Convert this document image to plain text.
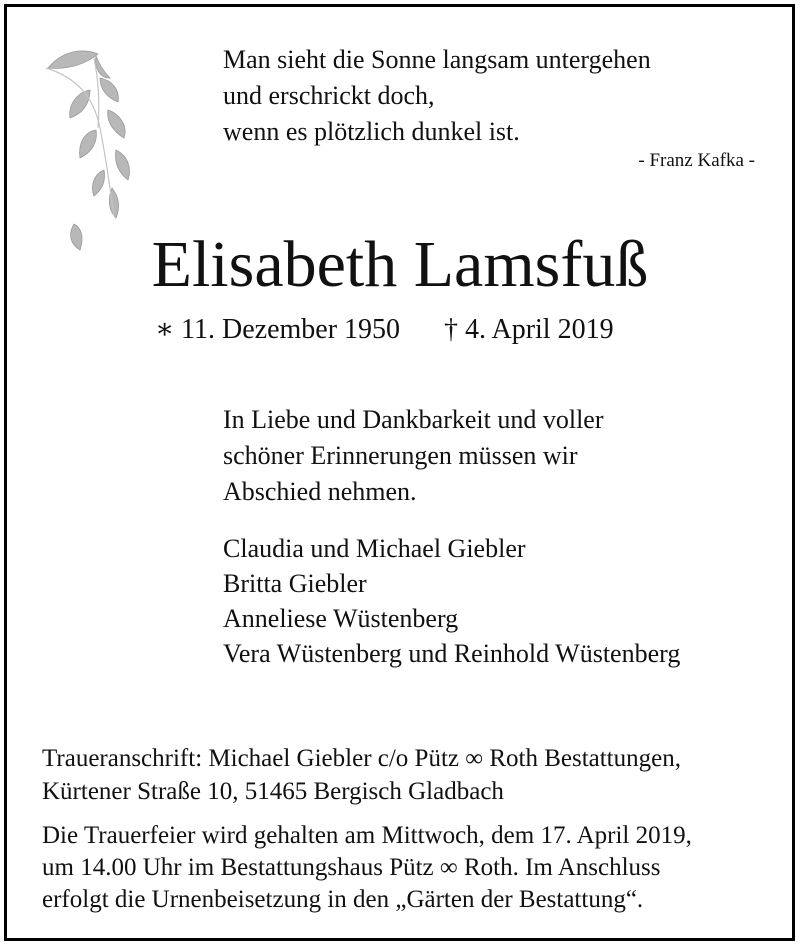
Man sieht die Sonne langsam untergehen
und erschrickt doch,
wenn es plötzlich dunkel ist.
- Franz Kafka -
Elisabeth Lamsfuß
∗ 11. Dezember 1950 † 4. April 2019
In Liebe und Dankbarkeit und voller
schöner Erinnerungen müssen wir
Abschied nehmen.
Claudia und Michael Giebler
Britta Giebler
Anneliese Wüstenberg
Vera Wüstenberg und Reinhold Wüstenberg
Traueranschrift: Michael Giebler c/o Pütz ∞ Roth Bestattungen,
Kürtener Straße 10, 51465 Bergisch Gladbach
Die Trauerfeier wird gehalten am Mittwoch, dem 17. April 2019,
um 14.00 Uhr im Bestattungshaus Pütz ∞ Roth. Im Anschluss
erfolgt die Urnenbeisetzung in den „Gärten der Bestattung“.
